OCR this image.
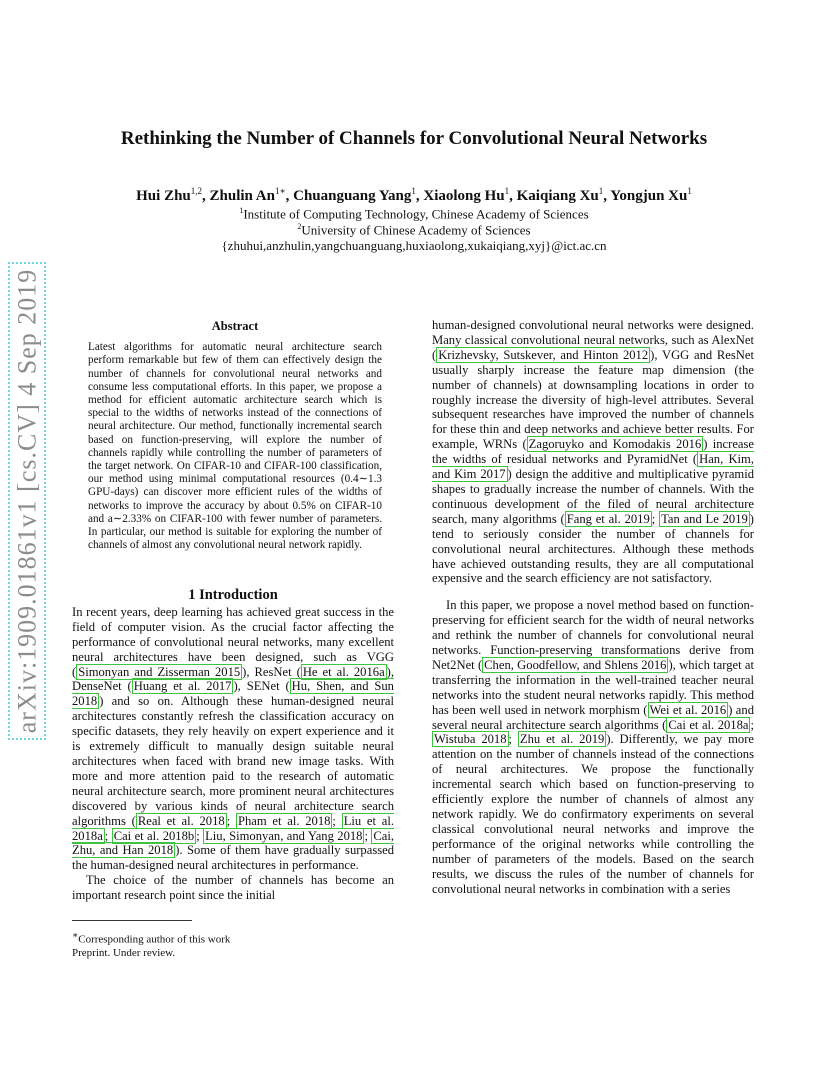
arXiv:1909.01861v1 [cs.CV] 4 Sep 2019
Rethinking the Number of Channels for Convolutional Neural Networks
Hui Zhu$^{1,2}$, Zhulin $An^{1∗}$, Chuanguang Yang$^1$, Xiaolong Hu$^1$, Kaiqiang Xu$^1$, Yongjun Xu$^1$
$^1$Institute of Computing Technology, Chinese Academy of Sciences
$^2$University of Chinese Academy of Sciences
{zhuhui,anzhulin,yangchuanguang,huxiaolong,xukaiqiang,xyj}@ict.ac.cn
Abstract

Latest algorithms for automatic neural architecture search perform remarkable but few of them can effectively design the number of channels for convolutional neural networks and consume less computational efforts. In this paper, we propose a method for efficient automatic architecture search which is special to the widths of networks instead of the connections of neural architecture. Our method, functionally incremental search based on function-preserving, will explore the number of channels rapidly while controlling the number of parameters of the target network. On CIFAR-10 and CIFAR-100 classification, our method using minimal computational resources (0.4∼1.3 GPU-days) can discover more efficient rules of the widths of networks to improve the accuracy by about 0.5% on CIFAR-10 and a∼2.33% on CIFAR-100 with fewer number of parameters. In particular, our method is suitable for exploring the number of channels of almost any convolutional neural network rapidly.

1 Introduction

In recent years, deep learning has achieved great success in the field of computer vision. As the crucial factor affecting the performance of convolutional neural networks, many excellent neural architectures have been designed, such as VGG ( Simonyan and Zisserman 2015 ), ResNet ( He et al. 2016a ), DenseNet ( Huang et al. 2017 ), SENet ( Hu, Shen, and Sun 2018 ) and so on. Although these human-designed neural architectures constantly refresh the classification accuracy on specific datasets, they rely heavily on expert experience and it is extremely difficult to manually design suitable neural architectures when faced with brand new image tasks. With more and more attention paid to the research of automatic neural architecture search, more prominent neural architectures discovered by various kinds of neural architecture search algorithms ( Real et al. 2018 ; Pham et al. 2018 ; Liu et al. 2018a ; Cai et al. 2018b ; Liu, Simonyan, and Yang 2018 ; Cai, Zhu, and Han 2018 ). Some of them have gradually surpassed the human-designed neural architectures in performance.

The choice of the number of channels has become an important research point since the initial

human-designed convolutional neural networks were designed. Many classical convolutional neural networks, such as AlexNet ( Krizhevsky, Sutskever, and Hinton 2012 ), VGG and ResNet usually sharply increase the feature map dimension (the number of channels) at downsampling locations in order to roughly increase the diversity of high-level attributes. Several subsequent researches have improved the number of channels for these thin and deep networks and achieve better results. For example, WRNs ( Zagoruyko and Komodakis 2016 ) increase the widths of residual networks and PyramidNet ( Han, Kim, and Kim 2017 ) design the additive and multiplicative pyramid shapes to gradually increase the number of channels. With the continuous development of the filed of neural architecture search, many algorithms ( Fang et al. 2019 ; Tan and Le 2019 ) tend to seriously consider the number of channels for convolutional neural architectures. Although these methods have achieved outstanding results, they are all computational expensive and the search efficiency are not satisfactory.

In this paper, we propose a novel method based on function-preserving for efficient search for the width of neural networks and rethink the number of channels for convolutional neural networks. Function-preserving transformations derive from Net2Net ( Chen, Goodfellow, and Shlens 2016 ), which target at transferring the information in the well-trained teacher neural networks into the student neural networks rapidly. This method has been well used in network morphism ( Wei et al. 2016 ) and several neural architecture search algorithms ( Cai et al. 2018a ; Wistuba 2018 ; Zhu et al. 2019 ). Differently, we pay more attention on the number of channels instead of the connections of neural architectures. We propose the functionally incremental search which based on function-preserving to efficiently explore the number of channels of almost any network rapidly. We do confirmatory experiments on several classical convolutional neural networks and improve the performance of the original networks while controlling the number of parameters of the models. Based on the search results, we discuss the rules of the number of channels for convolutional neural networks in combination with a series

∗Corresponding author of this work
Preprint. Under review.
